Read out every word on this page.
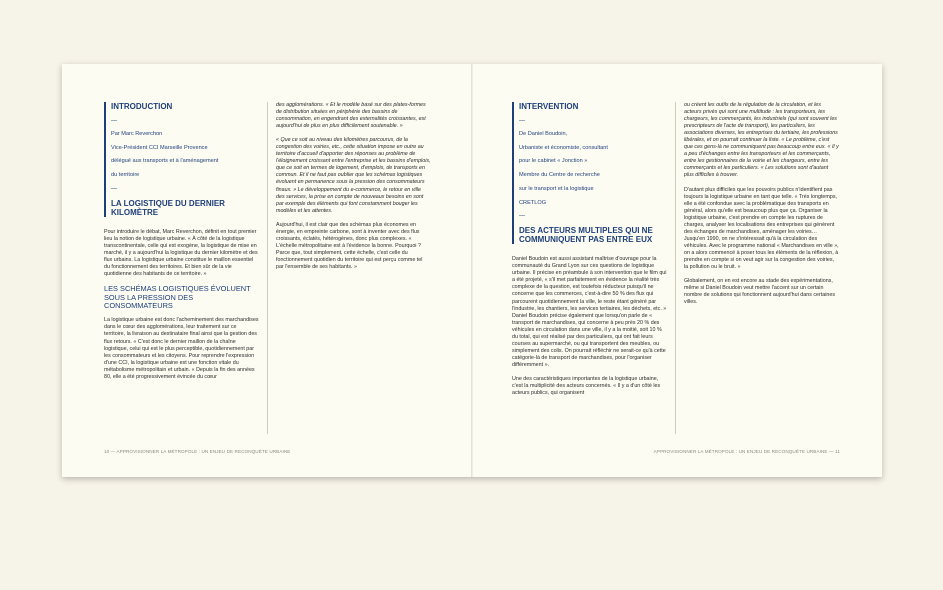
INTRODUCTION

—

Par Marc Reverchon

Vice-Président CCI Marseille Provence

délégué aux transports et à l'aménagement

du territoire

—

LA LOGISTIQUE DU DERNIER KILOMÈTRE

Pour introduire le débat, Marc Reverchon, définit en tout premier lieu la notion de logistique urbaine. « À côté de la logistique transcontinentale, celle qui est exogène, la logistique de mise en marché, il y a aujourd'hui la logistique du dernier kilomètre et des flux urbains. La logistique urbaine constitue le maillon essentiel du fonctionnement des territoires. Et bien sûr de la vie quotidienne des habitants de ce territoire. »

LES SCHÉMAS LOGISTIQUES ÉVOLUENT SOUS LA PRESSION DES CONSOMMATEURS

La logistique urbaine est donc l'acheminement des marchandises dans le cœur des agglomérations, leur traitement sur ce territoire, la livraison au destinataire final ainsi que la gestion des flux retours. « C'est donc le dernier maillon de la chaîne logistique, celui qui est le plus perceptible, quotidiennement par les consommateurs et les citoyens. Pour reprendre l'expression d'une CCI, la logistique urbaine est une fonction vitale du métabolisme métropolitain et urbain. « Depuis la fin des années 80, elle a été progressivement évincée du cœur

des agglomérations. « Et le modèle basé sur des plates-formes de distribution situées en périphérie des bassins de consommation, en engendrant des externalités croissantes, est aujourd'hui de plus en plus difficilement soutenable. »

« Que ce soit au niveau des kilomètres parcourus, de la congestion des voiries, etc., cette situation impose en outre au territoire d'accueil d'apporter des réponses au problème de l'éloignement croissant entre l'entreprise et les bassins d'emplois, que ce soit en termes de logement, d'emplois, de transports en commun. Et il ne faut pas oublier que les schémas logistiques évoluent en permanence sous la pression des consommateurs finaux. » Le développement du e-commerce, le retour en ville des services, la prise en compte de nouveaux besoins en sont par exemple des éléments qui font constamment bouger les modèles et les attentes.

Aujourd'hui, il est clair que des schémas plus économes en énergie, en empreinte carbone, sont à inventer avec des flux croissants, éclatés, hétérogènes, donc plus complexes. « L'échelle métropolitaine est à l'évidence la bonne. Pourquoi ? Parce que, tout simplement, cette échelle, c'est celle du fonctionnement quotidien du territoire qui est perçu comme tel par l'ensemble de ses habitants. »

10 — APPROVISIONNER LA MÉTROPOLE : UN ENJEU DE RECONQUÊTE URBAINE

INTERVENTION

—

De Daniel Boudoin,

Urbaniste et économiste, consultant

pour le cabinet « Jonction »

Membre du Centre de recherche

sur le transport et la logistique

CRETLOG

—

DES ACTEURS MULTIPLES QUI NE COMMUNIQUENT PAS ENTRE EUX

Daniel Boudoin est aussi assistant maîtrise d'ouvrage pour la communauté du Grand Lyon sur ces questions de logistique urbaine. Il précise en préambule à son intervention que le film qui a été projeté, « s'il met parfaitement en évidence la réalité très complexe de la question, est toutefois réducteur puisqu'il ne concerne que les commerces, c'est-à-dire 50 % des flux qui parcourent quotidiennement la ville, le reste étant généré par l'industrie, les chantiers, les services tertiaires, les déchets, etc. » Daniel Boudoin précise également que lorsqu'on parle de « transport de marchandises, qui concerne à peu près 20 % des véhicules en circulation dans une ville, il y a la moitié, soit 10 % du total, qui est réalisé par des particuliers, qui ont fait leurs courses au supermarché, ou qui transportent des meubles, ou simplement des colis. On pourrait réfléchir ne serait-ce qu'à cette catégorie-là de transport de marchandises, pour l'organiser différemment ».

Une des caractéristiques importantes de la logistique urbaine, c'est la multiplicité des acteurs concernés. « Il y a d'un côté les acteurs publics, qui organisent

ou créent les outils de la régulation de la circulation, et les acteurs privés qui sont une multitude : les transporteurs, les chargeurs, les commerçants, les industriels (qui sont souvent les prescripteurs de l'acte de transport), les particuliers, les associations diverses, les entreprises du tertiaire, les professions libérales, et on pourrait continuer la liste. « Le problème, c'est que ces gens-là ne communiquent pas beaucoup entre eux. « Il y a peu d'échanges entre les transporteurs et les commerçants, entre les gestionnaires de la voirie et les chargeurs, entre les commerçants et les particuliers. « Les solutions sont d'autant plus difficiles à trouver.

D'autant plus difficiles que les pouvoirs publics n'identifient pas toujours la logistique urbaine en tant que telle. « Très longtemps, elle a été confondue avec la problématique des transports en général, alors qu'elle est beaucoup plus que ça. Organiser la logistique urbaine, c'est prendre en compte les ruptures de charges, analyser les localisations des entreprises qui génèrent des échanges de marchandises, aménager les voiries… Jusqu'en 1990, on ne s'intéressait qu'à la circulation des véhicules. Avec le programme national « Marchandises en ville », on a alors commencé à poser tous les éléments de la réflexion, à prendre en compte si on veut agir sur la congestion des voiries, la pollution ou le bruit. »

Globalement, on en est encore au stade des expérimentations, même si Daniel Boudoin veut mettre l'accent sur un certain nombre de solutions qui fonctionnent aujourd'hui dans certaines villes.

APPROVISIONNER LA MÉTROPOLE : UN ENJEU DE RECONQUÊTE URBAINE — 11
